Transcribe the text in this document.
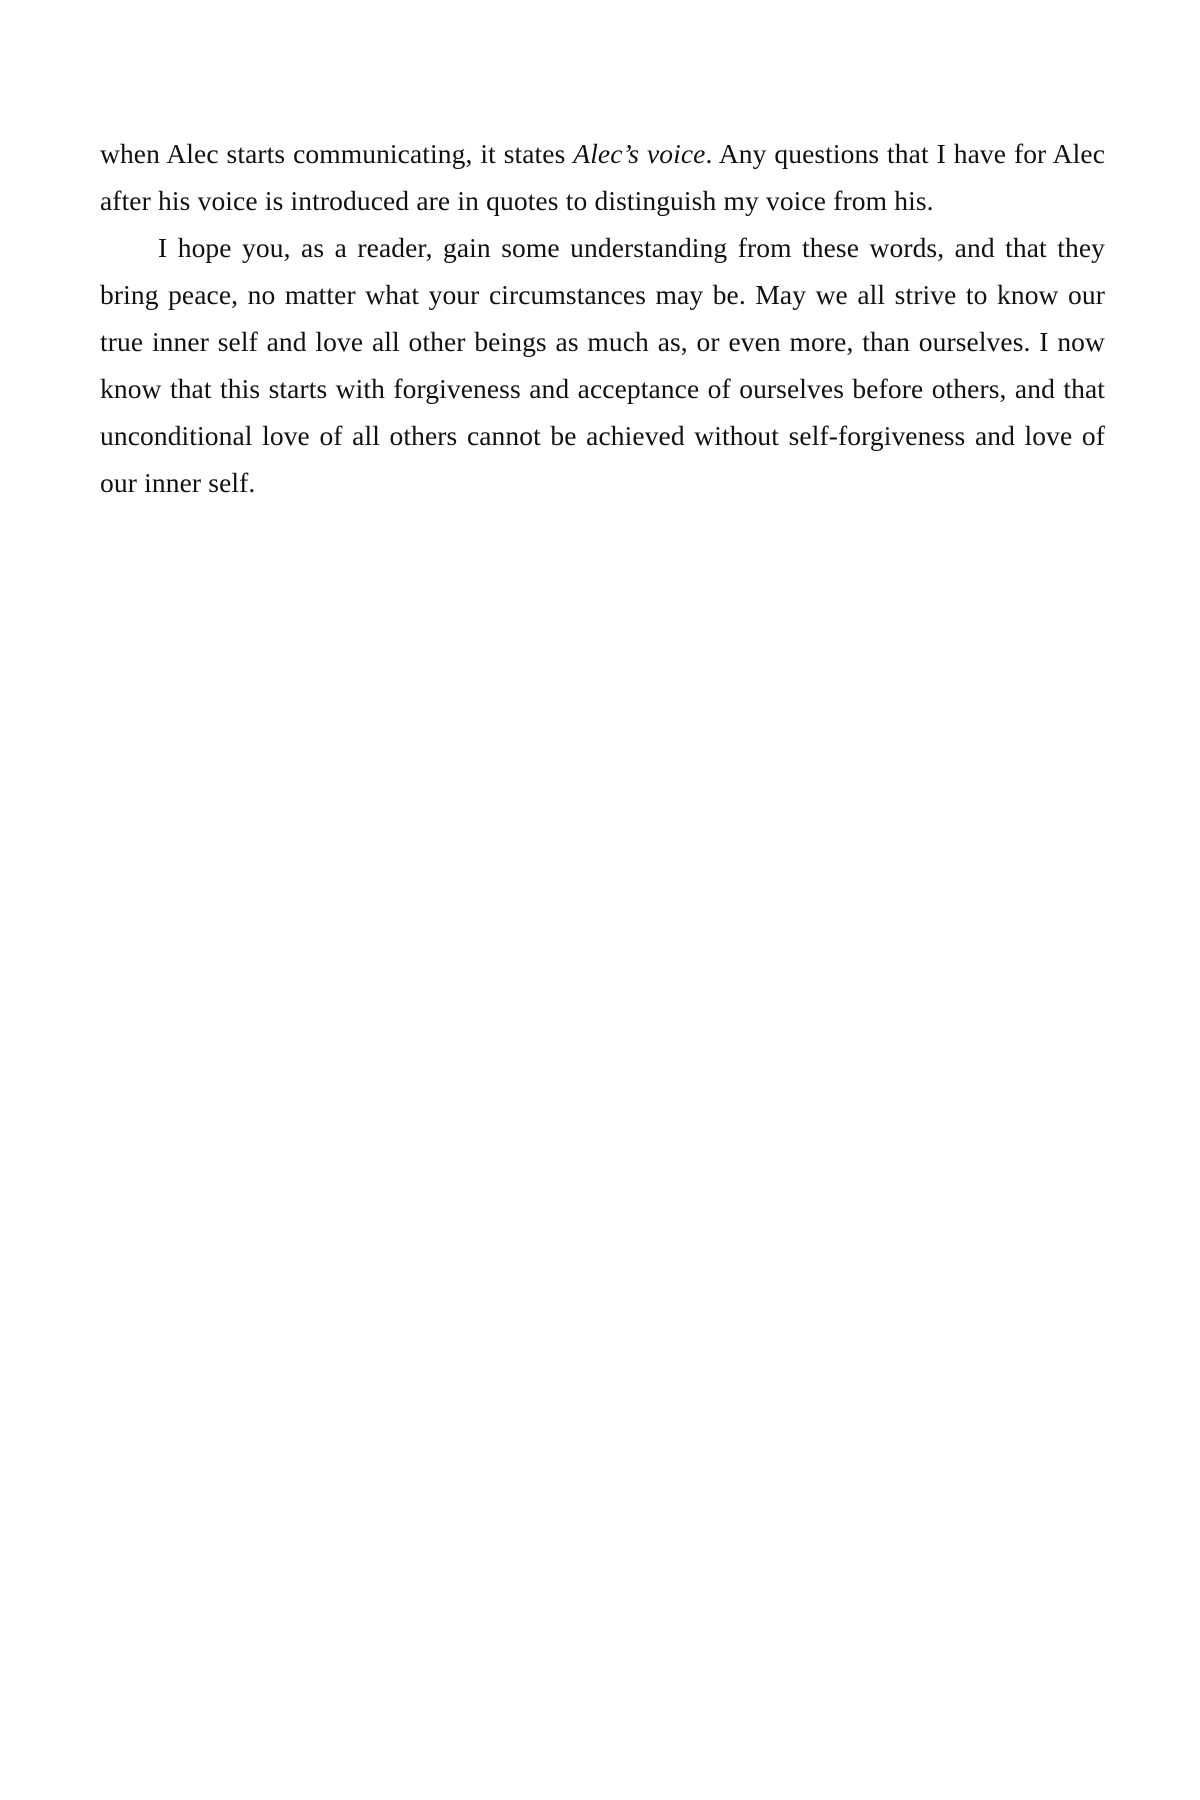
when Alec starts communicating, it states Alec’s voice. Any questions that I have for Alec after his voice is introduced are in quotes to distinguish my voice from his.

I hope you, as a reader, gain some understanding from these words, and that they bring peace, no matter what your circumstances may be. May we all strive to know our true inner self and love all other beings as much as, or even more, than ourselves. I now know that this starts with forgiveness and acceptance of ourselves before others, and that unconditional love of all others cannot be achieved without self-forgiveness and love of our inner self.
